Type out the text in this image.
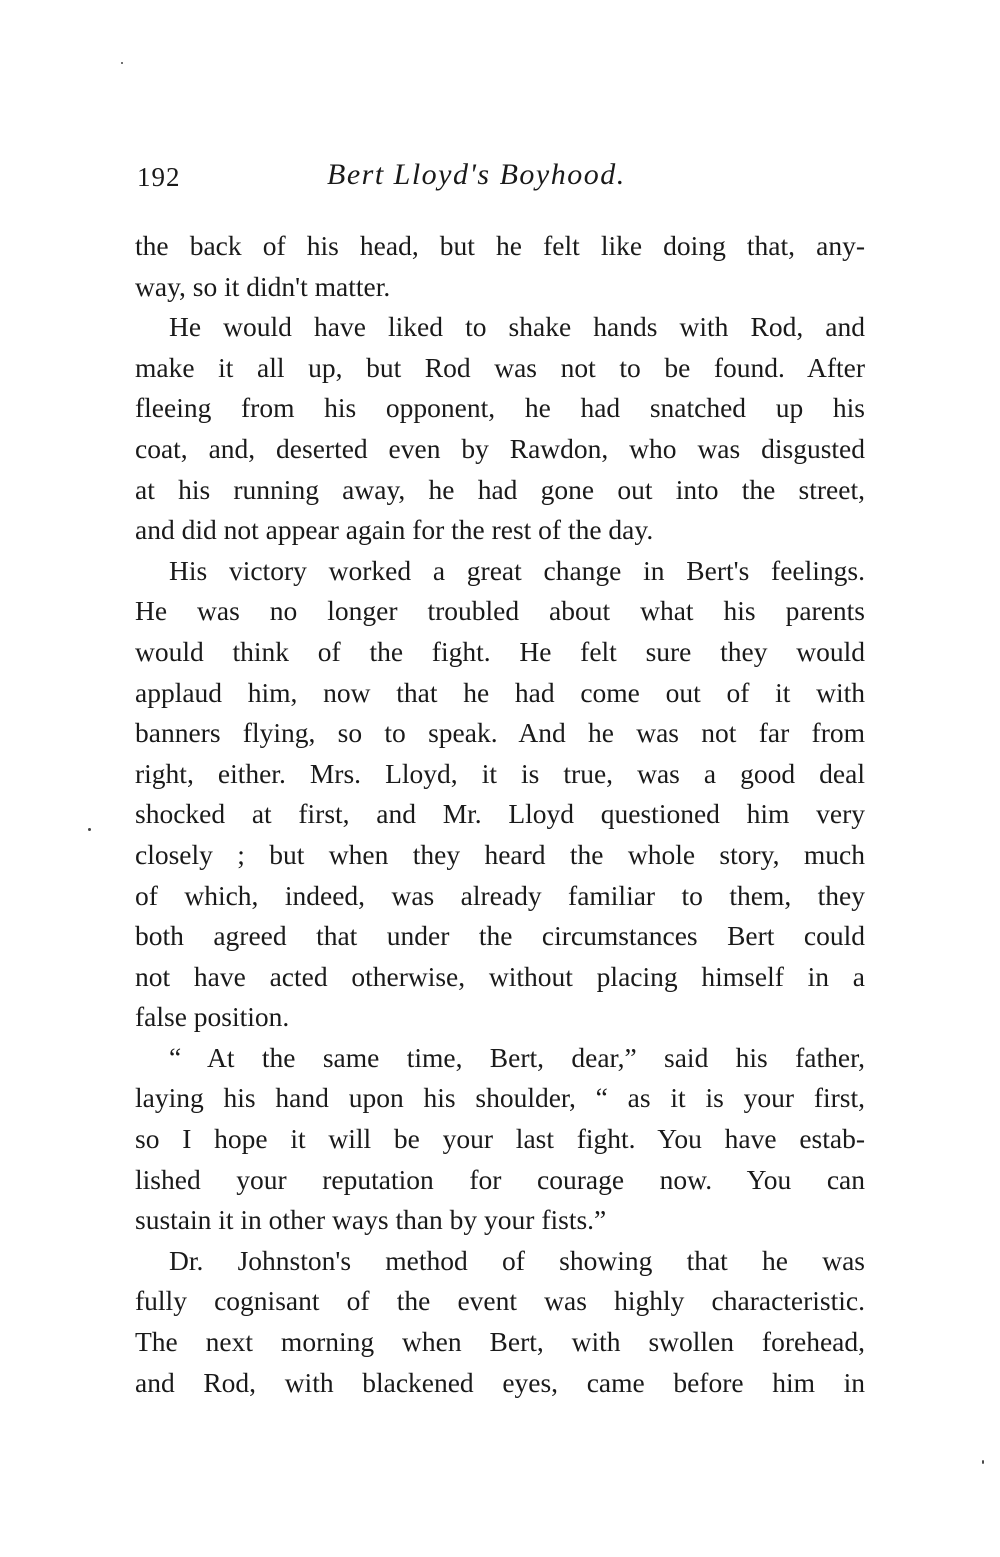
192	Bert Lloyd's Boyhood.
the back of his head, but he felt like doing that, any-
way, so it didn't matter.
He would have liked to shake hands with Rod, and
make it all up, but Rod was not to be found. After
fleeing from his opponent, he had snatched up his
coat, and, deserted even by Rawdon, who was disgusted
at his running away, he had gone out into the street,
and did not appear again for the rest of the day.
His victory worked a great change in Bert's feelings.
He was no longer troubled about what his parents
would think of the fight. He felt sure they would
applaud him, now that he had come out of it with
banners flying, so to speak. And he was not far from
right, either. Mrs. Lloyd, it is true, was a good deal
shocked at first, and Mr. Lloyd questioned him very
closely ; but when they heard the whole story, much
of which, indeed, was already familiar to them, they
both agreed that under the circumstances Bert could
not have acted otherwise, without placing himself in a
false position.
“ At the same time, Bert, dear,” said his father,
laying his hand upon his shoulder, “ as it is your first,
so I hope it will be your last fight. You have estab-
lished your reputation for courage now. You can
sustain it in other ways than by your fists.”
Dr. Johnston's method of showing that he was
fully cognisant of the event was highly characteristic.
The next morning when Bert, with swollen forehead,
and Rod, with blackened eyes, came before him in
